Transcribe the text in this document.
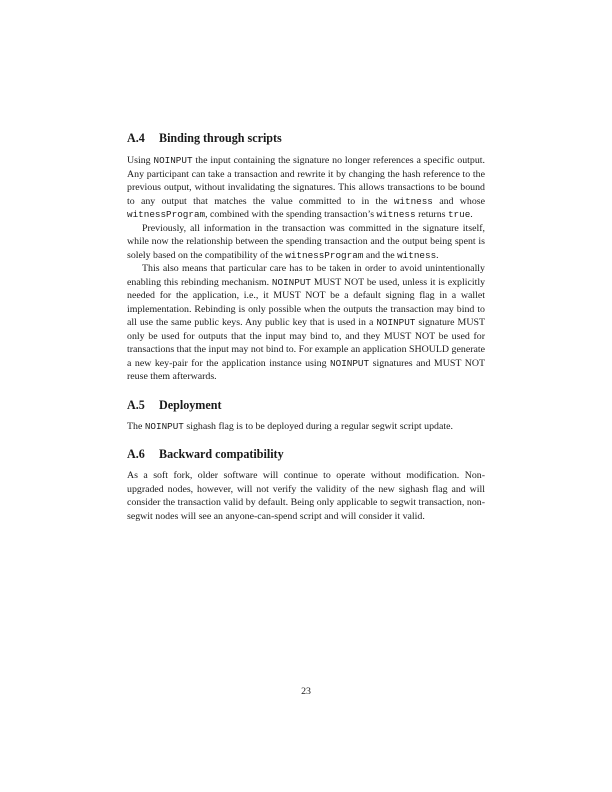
A.4 Binding through scripts

Using NOINPUT the input containing the signature no longer references a specific output. Any participant can take a transaction and rewrite it by changing the hash reference to the previous output, without invalidating the signatures. This allows transactions to be bound to any output that matches the value committed to in the witness and whose witnessProgram, combined with the spending transaction’s witness returns true.

Previously, all information in the transaction was committed in the signature itself, while now the relationship between the spending transaction and the output being spent is solely based on the compatibility of the witnessProgram and the witness.

This also means that particular care has to be taken in order to avoid unintentionally enabling this rebinding mechanism. NOINPUT MUST NOT be used, unless it is explicitly needed for the application, i.e., it MUST NOT be a default signing flag in a wallet implementation. Rebinding is only possible when the outputs the transaction may bind to all use the same public keys. Any public key that is used in a NOINPUT signature MUST only be used for outputs that the input may bind to, and they MUST NOT be used for transactions that the input may not bind to. For example an application SHOULD generate a new key-pair for the application instance using NOINPUT signatures and MUST NOT reuse them afterwards.

A.5 Deployment

The NOINPUT sighash flag is to be deployed during a regular segwit script update.

A.6 Backward compatibility

As a soft fork, older software will continue to operate without modification. Non-upgraded nodes, however, will not verify the validity of the new sighash flag and will consider the transaction valid by default. Being only applicable to segwit transaction, non-segwit nodes will see an anyone-can-spend script and will consider it valid.

23
